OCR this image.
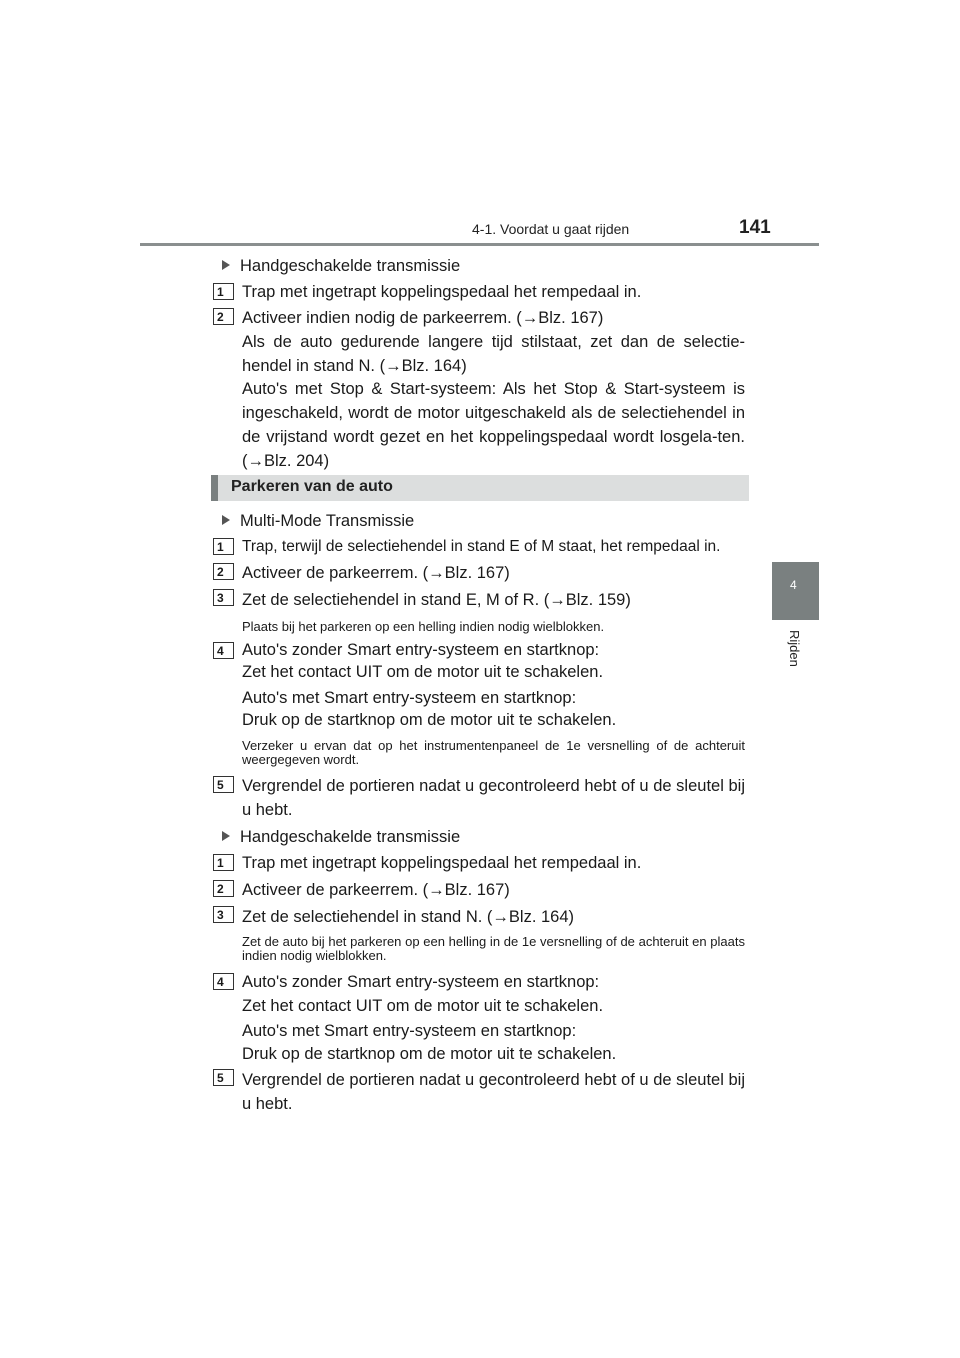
4-1. Voordat u gaat rijden	141
4
Rijden
Handgeschakelde transmissie
1	Trap met ingetrapt koppelingspedaal het rempedaal in.
2	Activeer indien nodig de parkeerrem. (→Blz. 167)
Als de auto gedurende langere tijd stilstaat, zet dan de selectie-hendel in stand N. (→Blz. 164)
Auto's met Stop & Start-systeem: Als het Stop & Start-systeem is ingeschakeld, wordt de motor uitgeschakeld als de selectiehendel in de vrijstand wordt gezet en het koppelingspedaal wordt losgela-ten. (→Blz. 204)
Parkeren van de auto
Multi-Mode Transmissie
1	Trap, terwijl de selectiehendel in stand E of M staat, het rempedaal in.
2	Activeer de parkeerrem. (→Blz. 167)
3	Zet de selectiehendel in stand E, M of R. (→Blz. 159)
Plaats bij het parkeren op een helling indien nodig wielblokken.
4	Auto's zonder Smart entry-systeem en startknop:
Zet het contact UIT om de motor uit te schakelen.
Auto's met Smart entry-systeem en startknop:
Druk op de startknop om de motor uit te schakelen.
Verzeker u ervan dat op het instrumentenpaneel de 1e versnelling of de achteruit weergegeven wordt.
5	Vergrendel de portieren nadat u gecontroleerd hebt of u de sleutel bij u hebt.
Handgeschakelde transmissie
1	Trap met ingetrapt koppelingspedaal het rempedaal in.
2	Activeer de parkeerrem. (→Blz. 167)
3	Zet de selectiehendel in stand N. (→Blz. 164)
Zet de auto bij het parkeren op een helling in de 1e versnelling of de achteruit en plaats indien nodig wielblokken.
4	Auto's zonder Smart entry-systeem en startknop:
Zet het contact UIT om de motor uit te schakelen.
Auto's met Smart entry-systeem en startknop:
Druk op de startknop om de motor uit te schakelen.
5	Vergrendel de portieren nadat u gecontroleerd hebt of u de sleutel bij u hebt.
